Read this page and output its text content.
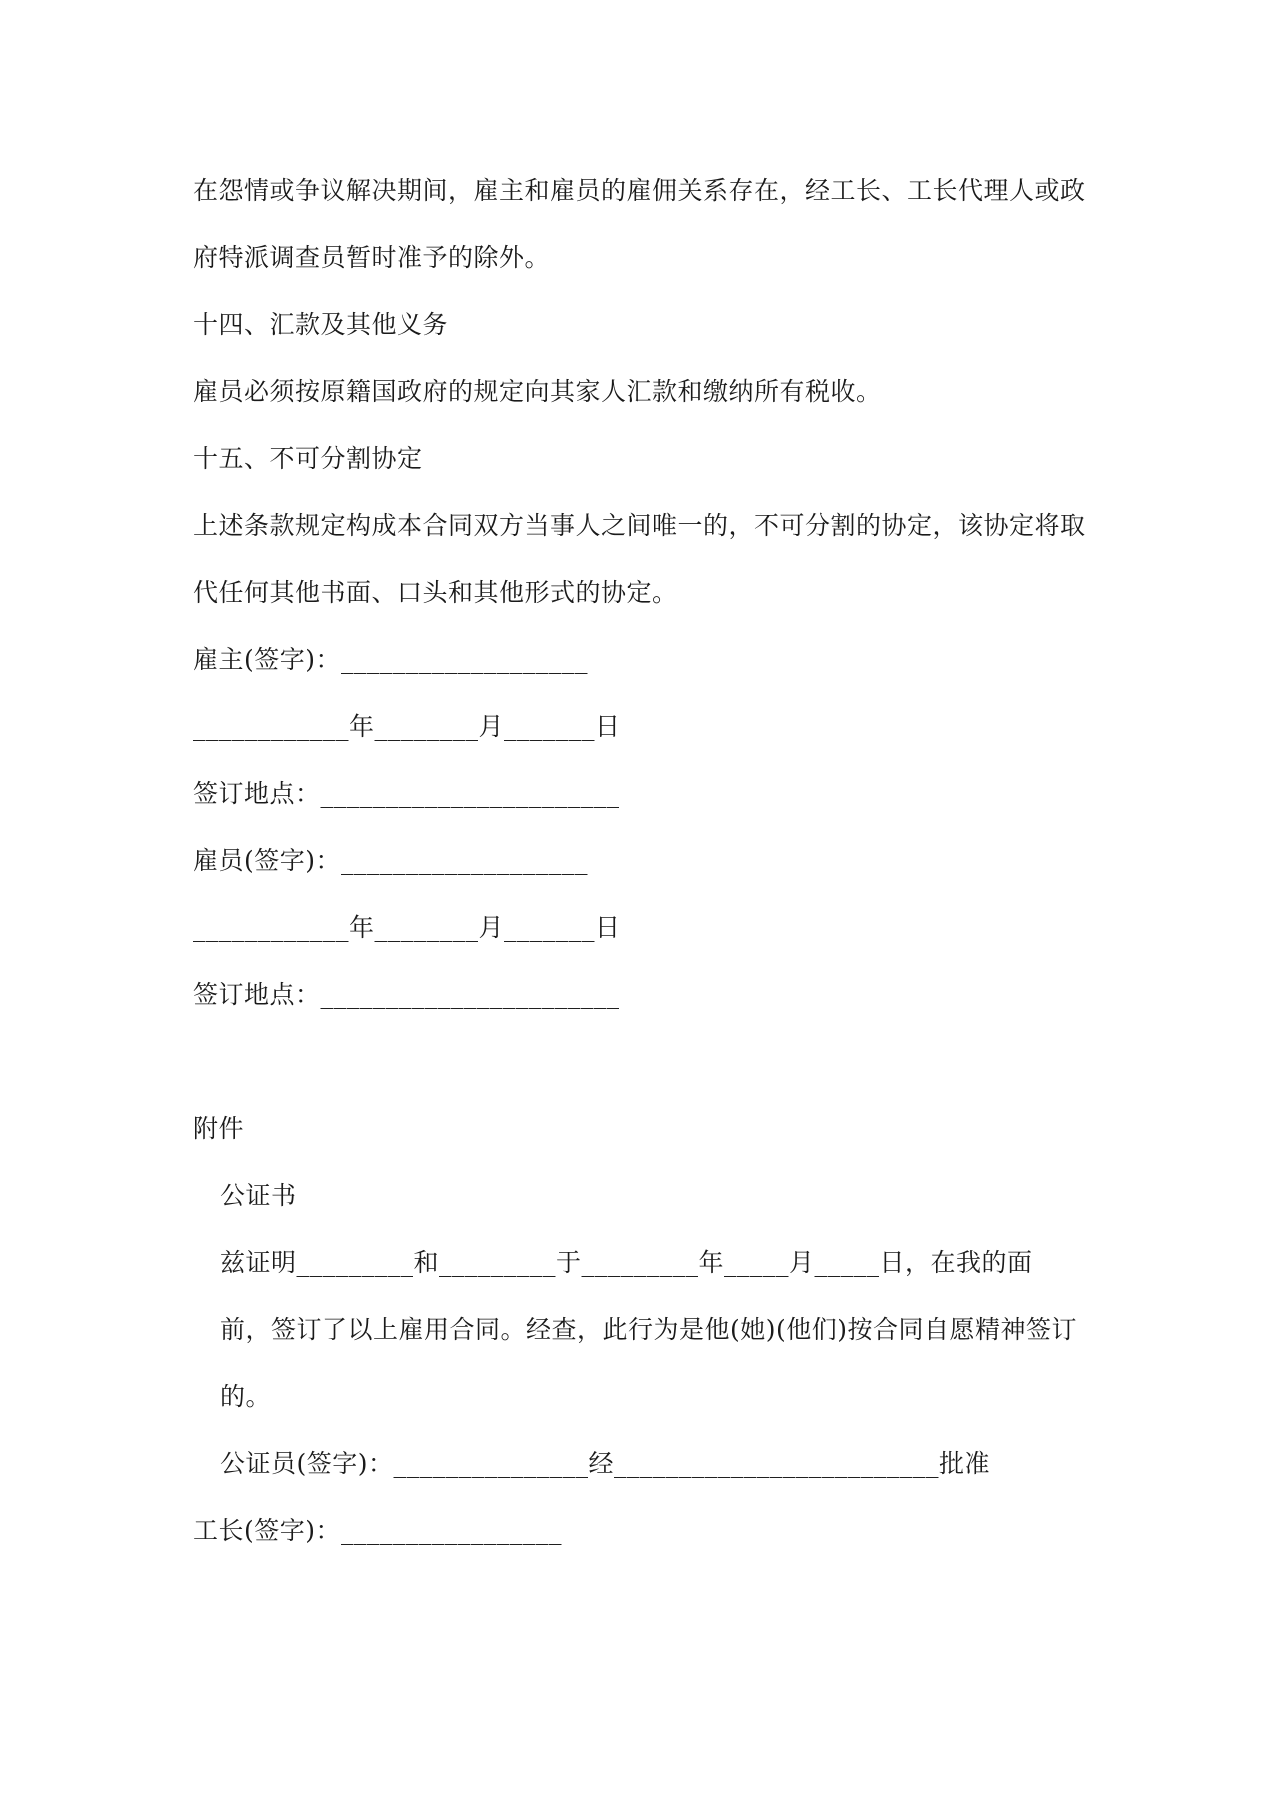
在怨情或争议解决期间，雇主和雇员的雇佣关系存在，经工长、工长代理人或政
府特派调查员暂时准予的除外。
十四、汇款及其他义务
雇员必须按原籍国政府的规定向其家人汇款和缴纳所有税收。
十五、不可分割协定
上述条款规定构成本合同双方当事人之间唯一的，不可分割的协定，该协定将取
代任何其他书面、口头和其他形式的协定。
雇主(签字)：___________________
____________年________月_______日
签订地点：_______________________
雇员(签字)：___________________
____________年________月_______日
签订地点：_______________________
附件
公证书
兹证明_________和_________于_________年_____月_____日，在我的面
前，签订了以上雇用合同。经查，此行为是他(她)(他们)按合同自愿精神签订
的。
公证员(签字)：_______________经_________________________批准
工长(签字)：_________________
